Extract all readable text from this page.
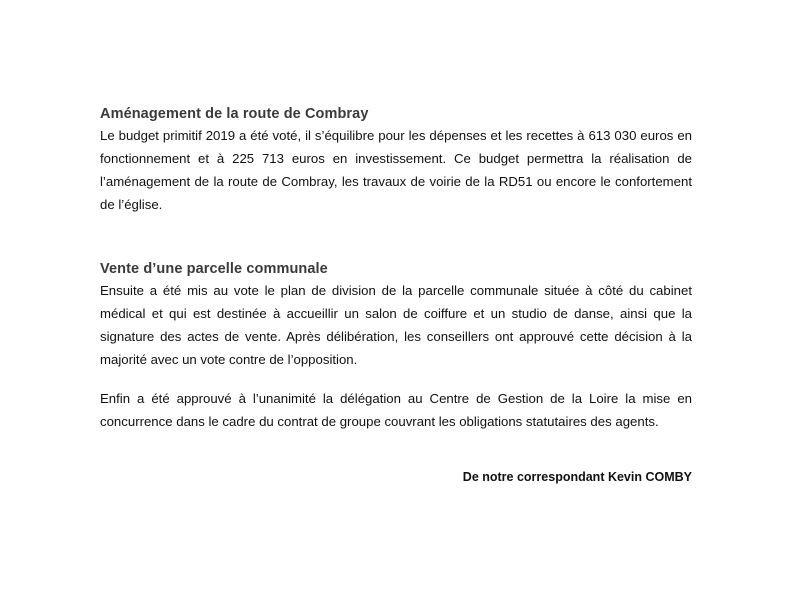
Aménagement de la route de Combray

Le budget primitif 2019 a été voté, il s’équilibre pour les dépenses et les recettes à 613 030 euros en fonctionnement et à 225 713 euros en investissement. Ce budget permettra la réalisation de l’aménagement de la route de Combray, les travaux de voirie de la RD51 ou encore le confortement de l’église.

Vente d’une parcelle communale

Ensuite a été mis au vote le plan de division de la parcelle communale située à côté du cabinet médical et qui est destinée à accueillir un salon de coiffure et un studio de danse, ainsi que la signature des actes de vente. Après délibération, les conseillers ont approuvé cette décision à la majorité avec un vote contre de l’opposition.

Enfin a été approuvé à l’unanimité la délégation au Centre de Gestion de la Loire la mise en concurrence dans le cadre du contrat de groupe couvrant les obligations statutaires des agents.

De notre correspondant Kevin COMBY
